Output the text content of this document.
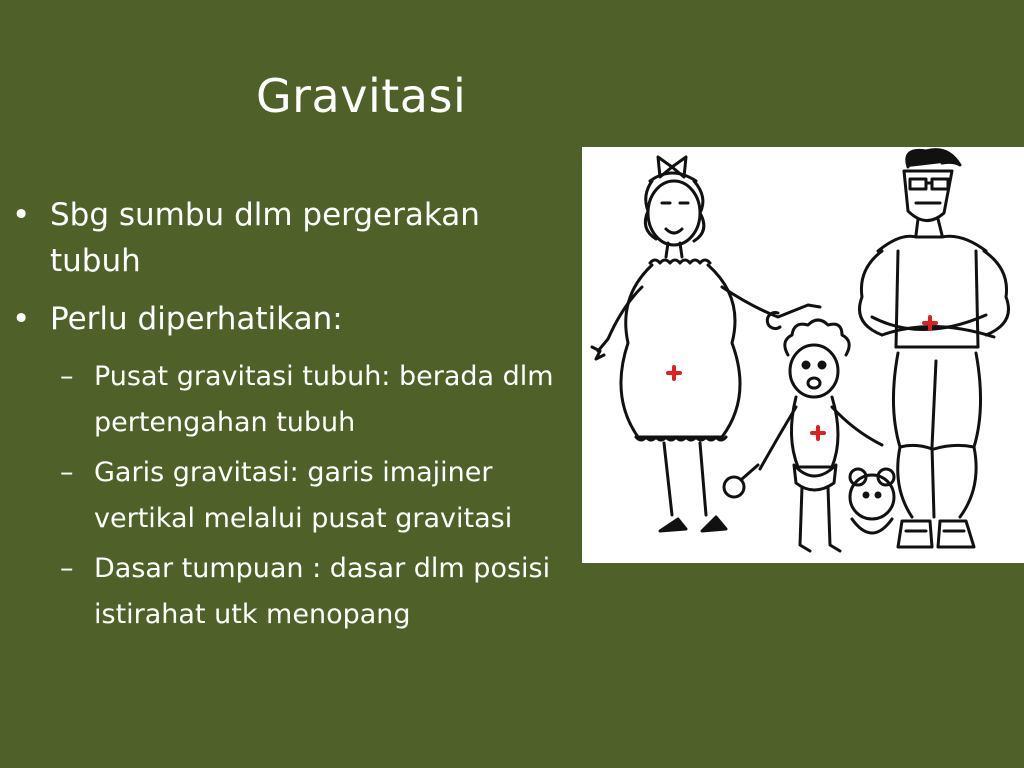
Gravitasi
• Sbg sumbu dlm pergerakan tubuh
• Perlu diperhatikan:
– Pusat gravitasi tubuh: berada dlm pertengahan tubuh
– Garis gravitasi: garis imajiner vertikal melalui pusat gravitasi
– Dasar tumpuan : dasar dlm posisi istirahat utk menopang
